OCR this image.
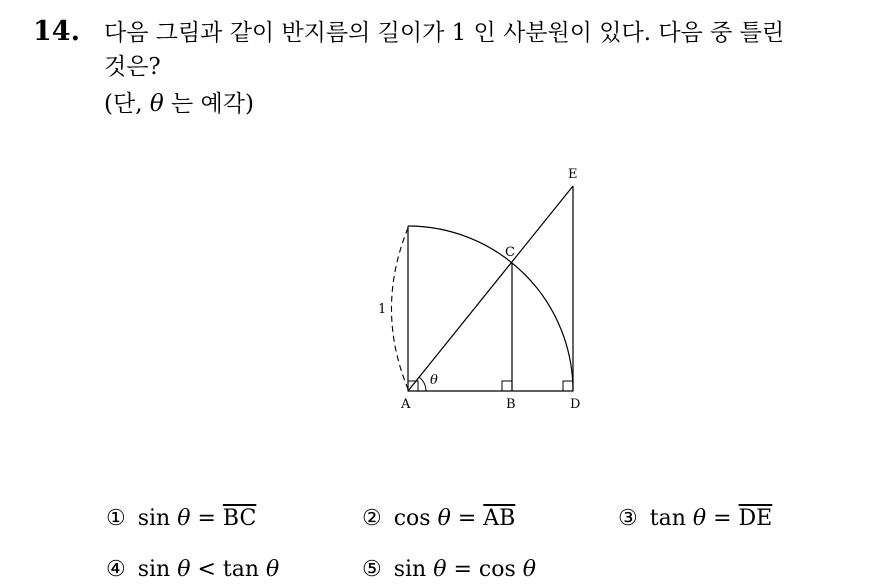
14. 다음 그림과 같이 반지름의 길이가 1 인 사분원이 있다. 다음 중 틀린
것은?
(단, θ 는 예각)
A	B
C
D
E
1
θ
① $\sin \theta = \overline{BC}$	② $\cos \theta = \overline{AB}$	③ $\tan \theta = \overline{DE}$
④ sin θ < tan θ	⑤ sin θ = cos θ
